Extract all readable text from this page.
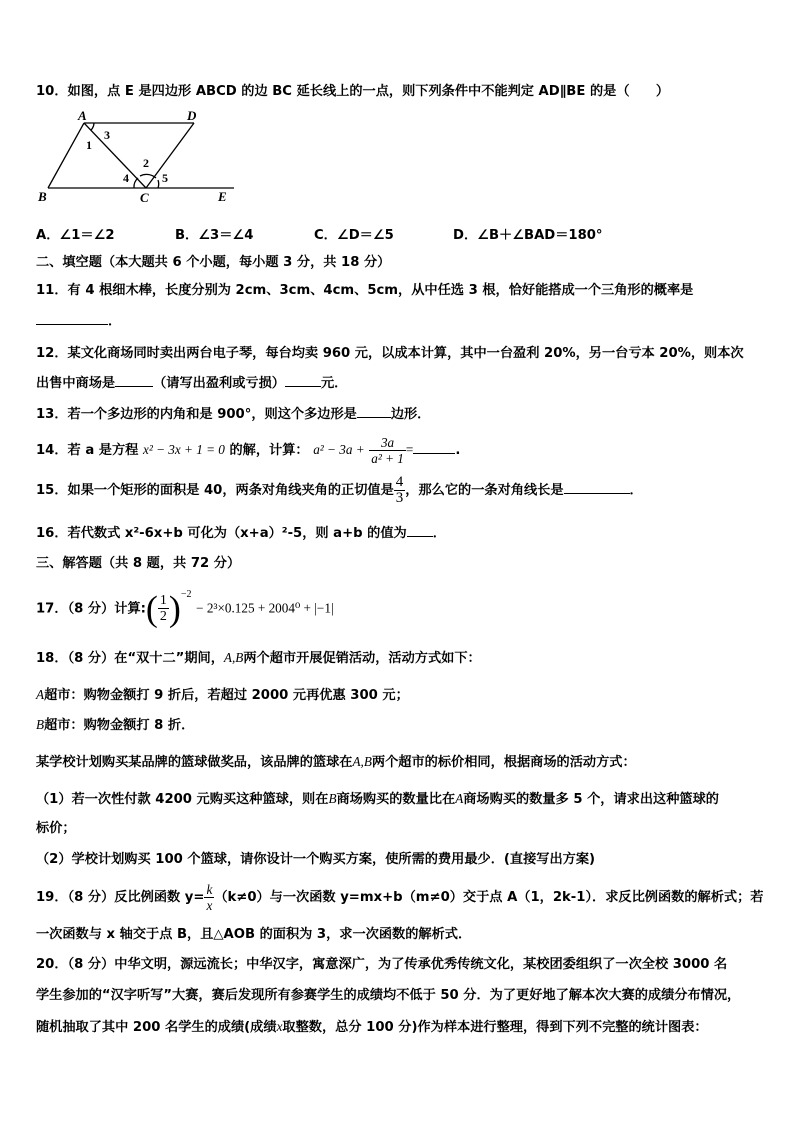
10．如图，点 E 是四边形 ABCD 的边 BC 延长线上的一点，则下列条件中不能判定 AD∥BE 的是（　　）
A	D
B	C	E
1
2
3
4	5
A．∠1＝∠2	B．∠3＝∠4	C．∠D＝∠5	D．∠B＋∠BAD＝180°
二、填空题（本大题共 6 个小题，每小题 3 分，共 18 分）
11．有 4 根细木棒，长度分别为 2cm、3cm、4cm、5cm，从中任选 3 根，恰好能搭成一个三角形的概率是
．
12．某文化商场同时卖出两台电子琴，每台均卖 960 元，以成本计算，其中一台盈利 20%，另一台亏本 20%，则本次
出售中商场是	（请写出盈利或亏损）	元．
13．若一个多边形的内角和是 900°，则这个多边形是	边形．
14．若 a 是方程 x² − 3x + 1 = 0 的解，计算： $a^2 - 3a + \frac{3a}{\text{a² + 1}}$ =	.
15．如果一个矩形的面积是 40，两条对角线夹角的正切值是 $\frac{4}{3}$ ，那么它的一条对角线长是	．
16．若代数式 x²-6x+b 可化为（x+a）²-5，则 a+b 的值为 ．
三、解答题（共 8 题，共 72 分）
17．（8 分）计算:( $\frac{1}{2} )^{-2} - 2^3\times 0.125 + 2004^0 + |-1|$
18．（8 分）在“双十二”期间，A,B两个超市开展促销活动，活动方式如下：
A超市：购物金额打 9 折后，若超过 2000 元再优惠 300 元；
B超市：购物金额打 8 折．
某学校计划购买某品牌的篮球做奖品，该品牌的篮球在A,B两个超市的标价相同，根据商场的活动方式：
（1）若一次性付款 4200 元购买这种篮球，则在B商场购买的数量比在A商场购买的数量多 5 个，请求出这种篮球的
标价；
（2）学校计划购买 100 个篮球，请你设计一个购买方案，使所需的费用最少．(直接写出方案)
19．（8 分）反比例函数 $y= \frac{k}{x} (k\ne 0)$与一次函数 y=mx+b（m≠0）交于点 A（1，2k-1）．求反比例函数的解析式；若
一次函数与 x 轴交于点 B，且△AOB 的面积为 3，求一次函数的解析式．
20．（8 分）中华文明，源远流长；中华汉字，寓意深广，为了传承优秀传统文化，某校团委组织了一次全校 3000 名
学生参加的“汉字听写”大赛，赛后发现所有参赛学生的成绩均不低于 50 分．为了更好地了解本次大赛的成绩分布情况，
随机抽取了其中 200 名学生的成绩(成绩x取整数，总分 100 分)作为样本进行整理，得到下列不完整的统计图表：
